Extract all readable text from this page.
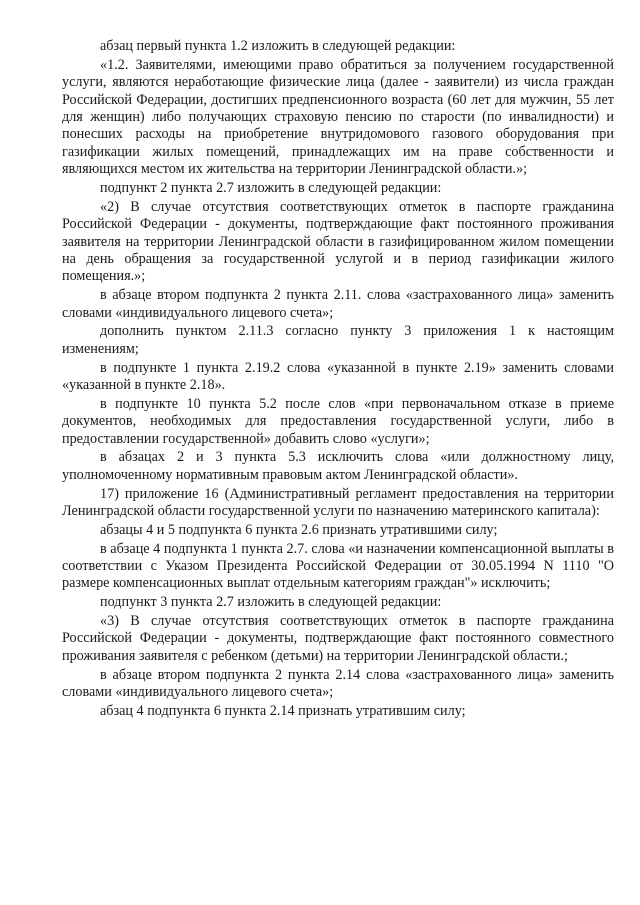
абзац первый пункта 1.2 изложить в следующей редакции:

«1.2. Заявителями, имеющими право обратиться за получением государственной услуги, являются неработающие физические лица (далее - заявители) из числа граждан Российской Федерации, достигших предпенсионного возраста (60 лет для мужчин, 55 лет для женщин) либо получающих страховую пенсию по старости (по инвалидности) и понесших расходы на приобретение внутридомового газового оборудования при газификации жилых помещений, принадлежащих им на праве собственности и являющихся местом их жительства на территории Ленинградской области.»;

подпункт 2 пункта 2.7 изложить в следующей редакции:

«2) В случае отсутствия соответствующих отметок в паспорте гражданина Российской Федерации - документы, подтверждающие факт постоянного проживания заявителя на территории Ленинградской области в газифицированном жилом помещении на день обращения за государственной услугой и в период газификации жилого помещения.»;

в абзаце втором подпункта 2 пункта 2.11. слова «застрахованного лица» заменить словами «индивидуального лицевого счета»;

дополнить пунктом 2.11.3 согласно пункту 3 приложения 1 к настоящим изменениям;

в подпункте 1 пункта 2.19.2 слова «указанной в пункте 2.19» заменить словами «указанной в пункте 2.18».

в подпункте 10 пункта 5.2 после слов «при первоначальном отказе в приеме документов, необходимых для предоставления государственной услуги, либо в предоставлении государственной» добавить слово «услуги»;

в абзацах 2 и 3 пункта 5.3 исключить слова «или должностному лицу, уполномоченному нормативным правовым актом Ленинградской области».

17) приложение 16 (Административный регламент предоставления на территории Ленинградской области государственной услуги по назначению материнского капитала):

абзацы 4 и 5 подпункта 6 пункта 2.6 признать утратившими силу;

в абзаце 4 подпункта 1 пункта 2.7. слова «и назначении компенсационной выплаты в соответствии с Указом Президента Российской Федерации от 30.05.1994 N 1110 "О размере компенсационных выплат отдельным категориям граждан"» исключить;

подпункт 3 пункта 2.7 изложить в следующей редакции:

«3) В случае отсутствия соответствующих отметок в паспорте гражданина Российской Федерации - документы, подтверждающие факт постоянного совместного проживания заявителя с ребенком (детьми) на территории Ленинградской области.;

в абзаце втором подпункта 2 пункта 2.14 слова «застрахованного лица» заменить словами «индивидуального лицевого счета»;

абзац 4 подпункта 6 пункта 2.14 признать утратившим силу;
